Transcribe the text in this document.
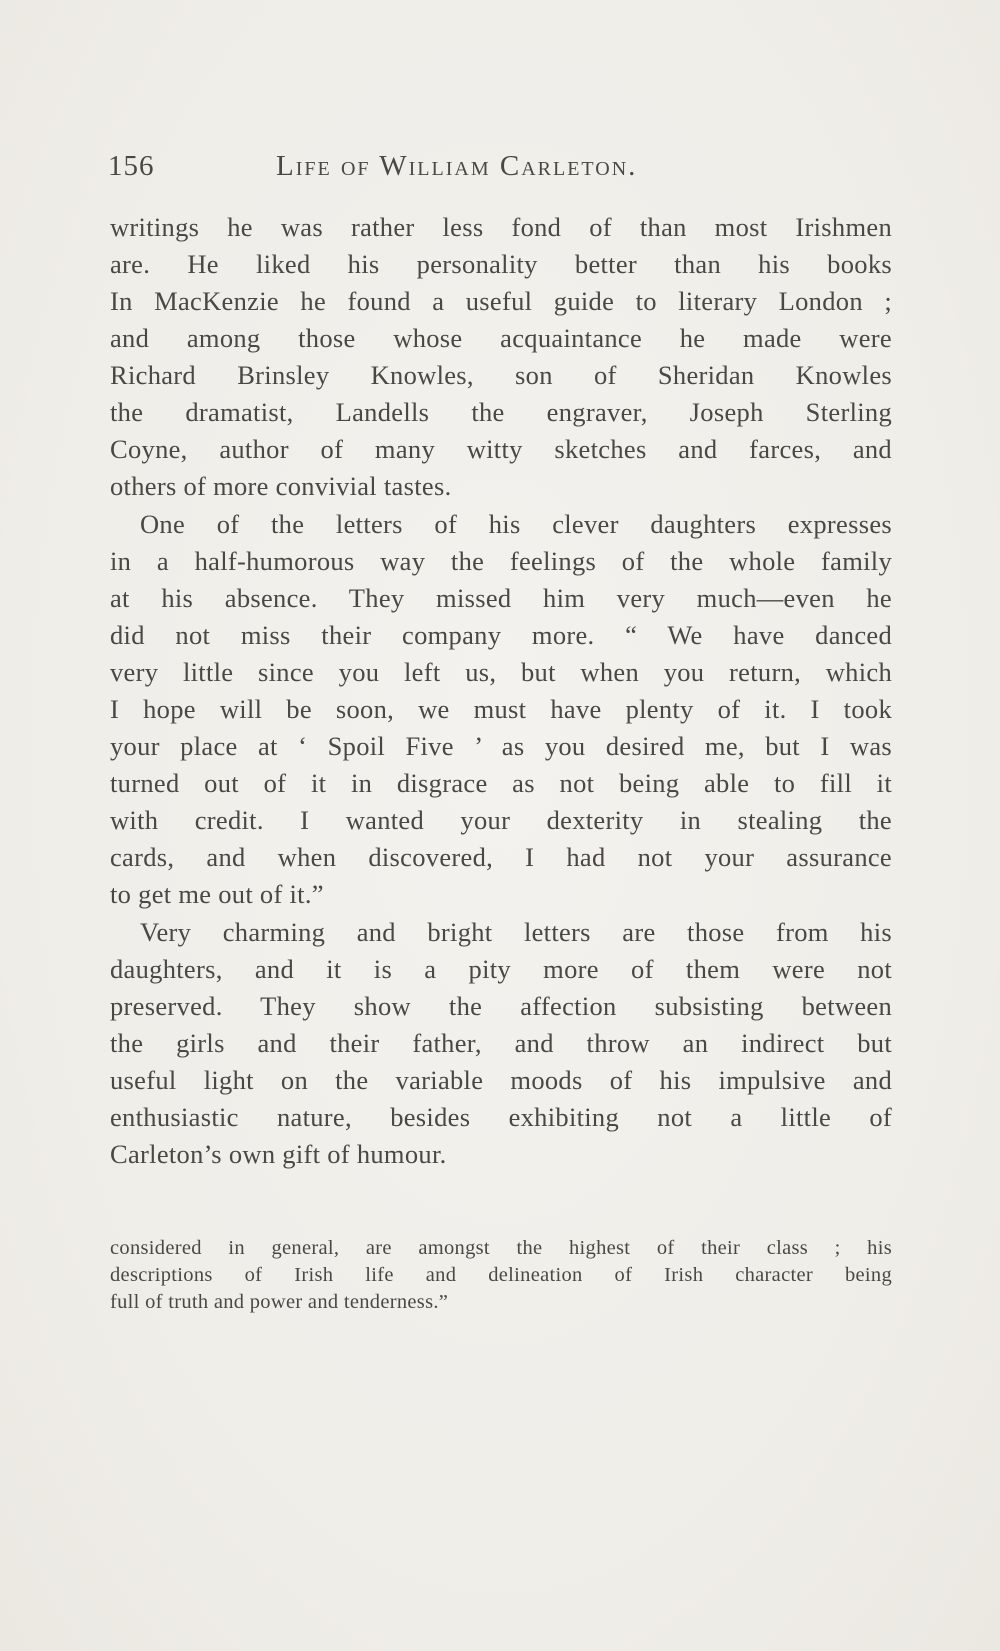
156	Life of William Carleton.
writings he was rather less fond of than most Irishmen
are. He liked his personality better than his books
In MacKenzie he found a useful guide to literary London ;
and among those whose acquaintance he made were
Richard Brinsley Knowles, son of Sheridan Knowles
the dramatist, Landells the engraver, Joseph Sterling
Coyne, author of many witty sketches and farces, and
others of more convivial tastes.
One of the letters of his clever daughters expresses
in a half-humorous way the feelings of the whole family
at his absence. They missed him very much—even he
did not miss their company more. “ We have danced
very little since you left us, but when you return, which
I hope will be soon, we must have plenty of it. I took
your place at ‘ Spoil Five ’ as you desired me, but I was
turned out of it in disgrace as not being able to fill it
with credit. I wanted your dexterity in stealing the
cards, and when discovered, I had not your assurance
to get me out of it.”
Very charming and bright letters are those from his
daughters, and it is a pity more of them were not
preserved. They show the affection subsisting between
the girls and their father, and throw an indirect but
useful light on the variable moods of his impulsive and
enthusiastic nature, besides exhibiting not a little of
Carleton’s own gift of humour.
considered in general, are amongst the highest of their class ; his
descriptions of Irish life and delineation of Irish character being
full of truth and power and tenderness.”
